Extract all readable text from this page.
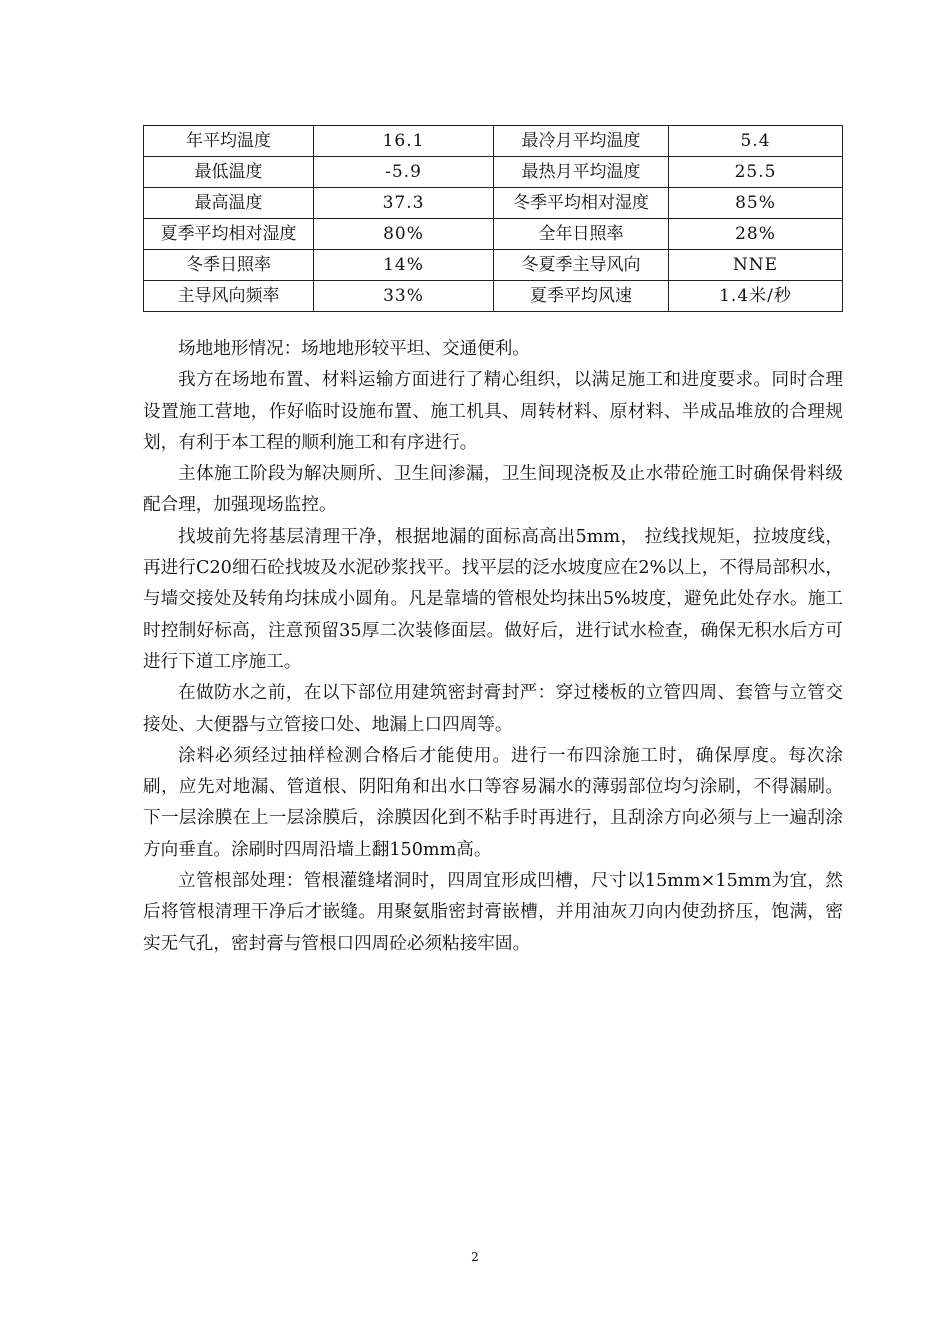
年平均温度	16.1	最冷月平均温度	5.4
最低温度	-5.9	最热月平均温度	25.5
最高温度	37.3	冬季平均相对湿度	85%
夏季平均相对湿度	80%	全年日照率	28%
冬季日照率	14%	冬夏季主导风向	NNE
主导风向频率	33%	夏季平均风速	1.4米/秒

场地地形情况：场地地形较平坦、交通便利。

我方在场地布置、材料运输方面进行了精心组织，以满足施工和进度要求。同时合理设置施工营地，作好临时设施布置、施工机具、周转材料、原材料、半成品堆放的合理规划，有利于本工程的顺利施工和有序进行。

主体施工阶段为解决厕所、卫生间渗漏，卫生间现浇板及止水带砼施工时确保骨料级配合理，加强现场监控。

找坡前先将基层清理干净，根据地漏的面标高高出5mm， 拉线找规矩，拉坡度线，再进行C20细石砼找坡及水泥砂浆找平。找平层的泛水坡度应在2%以上，不得局部积水，与墙交接处及转角均抹成小圆角。凡是靠墙的管根处均抹出5%坡度，避免此处存水。施工时控制好标高，注意预留35厚二次装修面层。做好后，进行试水检查，确保无积水后方可进行下道工序施工。

在做防水之前，在以下部位用建筑密封膏封严：穿过楼板的立管四周、套管与立管交接处、大便器与立管接口处、地漏上口四周等。

涂料必须经过抽样检测合格后才能使用。进行一布四涂施工时，确保厚度。每次涂刷，应先对地漏、管道根、阴阳角和出水口等容易漏水的薄弱部位均匀涂刷，不得漏刷。下一层涂膜在上一层涂膜后，涂膜因化到不粘手时再进行，且刮涂方向必须与上一遍刮涂方向垂直。涂刷时四周沿墙上翻150mm高。

立管根部处理：管根灌缝堵洞时，四周宜形成凹槽，尺寸以15mm×15mm为宜，然后将管根清理干净后才嵌缝。用聚氨脂密封膏嵌槽，并用油灰刀向内使劲挤压，饱满，密实无气孔，密封膏与管根口四周砼必须粘接牢固。

2
